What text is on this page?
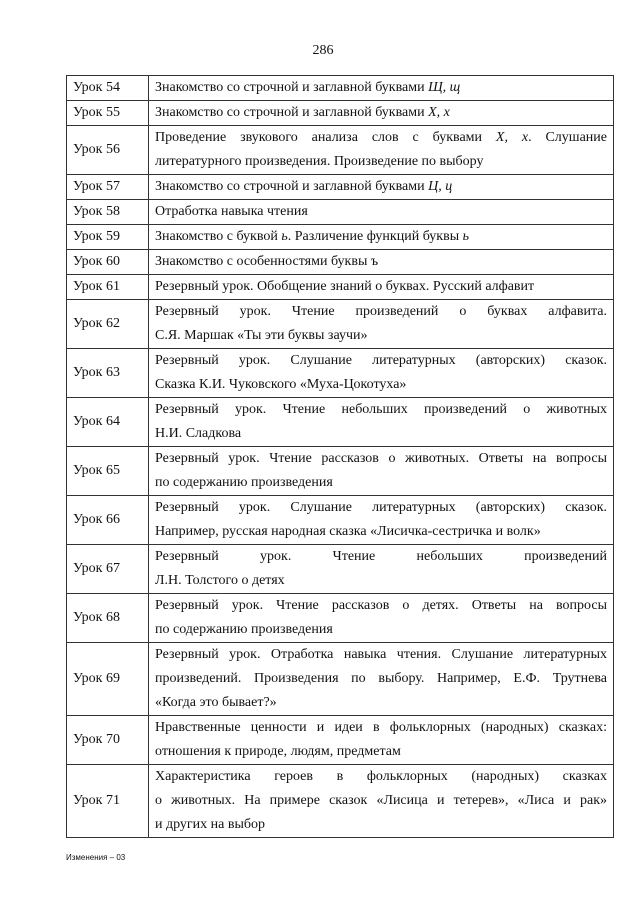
286
Урок 54	Знакомство со строчной и заглавной буквами Щ, щ

Урок 55	Знакомство со строчной и заглавной буквами Х, х

Урок 56	Проведение звукового анализа слов с буквами Х, х. Слушание
литературного произведения. Произведение по выбору

Урок 57	Знакомство со строчной и заглавной буквами Ц, ц

Урок 58	Отработка навыка чтения

Урок 59	Знакомство с буквой ь. Различение функций буквы ь

Урок 60	Знакомство с особенностями буквы ъ

Урок 61	Резервный урок. Обобщение знаний о буквах. Русский алфавит

Урок 62	Резервный урок. Чтение произведений о буквах алфавита.
С.Я. Маршак «Ты эти буквы заучи»

Урок 63	Резервный урок. Слушание литературных (авторских) сказок.
Сказка К.И. Чуковского «Муха-Цокотуха»

Урок 64	Резервный урок. Чтение небольших произведений о животных
Н.И. Сладкова

Урок 65	Резервный урок. Чтение рассказов о животных. Ответы на вопросы
по содержанию произведения

Урок 66	Резервный урок. Слушание литературных (авторских) сказок.
Например, русская народная сказка «Лисичка-сестричка и волк»

Урок 67	Резервный урок. Чтение небольших произведений
Л.Н. Толстого о детях

Урок 68	Резервный урок. Чтение рассказов о детях. Ответы на вопросы
по содержанию произведения

Урок 69	Резервный урок. Отработка навыка чтения. Слушание литературных
произведений. Произведения по выбору. Например, Е.Ф. Трутнева
«Когда это бывает?»

Урок 70	Нравственные ценности и идеи в фольклорных (народных) сказках:
отношения к природе, людям, предметам

Урок 71	Характеристика героев в фольклорных (народных) сказках
о животных. На примере сказок «Лисица и тетерев», «Лиса и рак»
и других на выбор
Изменения – 03
